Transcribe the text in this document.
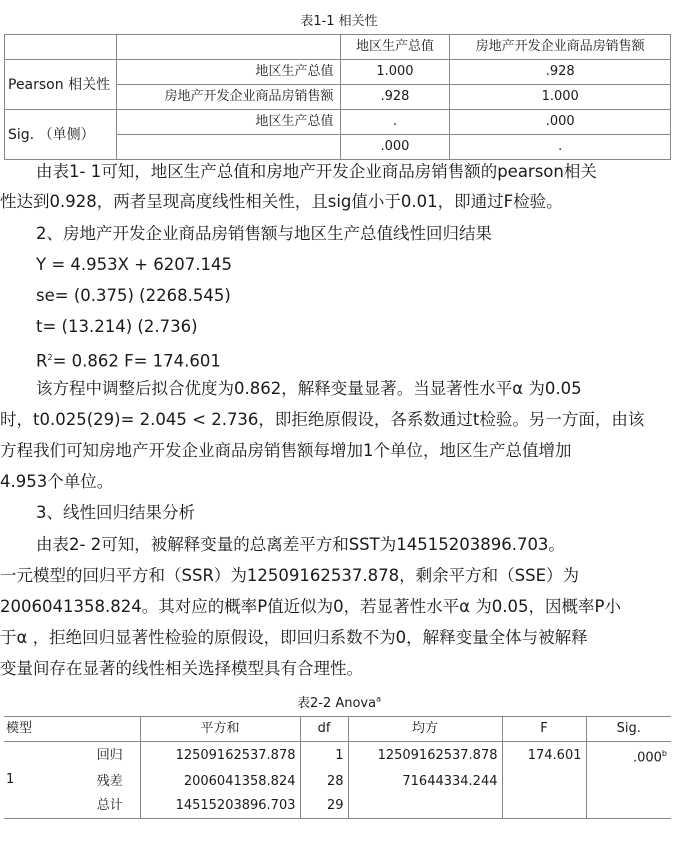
表1-1 相关性
		地区生产总值	房地产开发企业商品房销售额
Pearson 相关性	地区生产总值	1.000	.928
	房地产开发企业商品房销售额	.928	1.000
Sig. （单侧）	地区生产总值	.	.000
		.000	.
由表1- 1可知，地区生产总值和房地产开发企业商品房销售额的pearson相关
性达到0.928，两者呈现高度线性相关性，且sig值小于0.01，即通过F检验。
2、房地产开发企业商品房销售额与地区生产总值线性回归结果
Y = 4.953X + 6207.145
se= (0.375) (2268.545)
t= (13.214) (2.736)
$R^2= 0.862$ F= 174.601
该方程中调整后拟合优度为0.862，解释变量显著。当显著性水平α 为0.05
时，t0.025(29)= 2.045 < 2.736，即拒绝原假设，各系数通过t检验。另一方面，由该
方程我们可知房地产开发企业商品房销售额每增加1个单位，地区生产总值增加
4.953个单位。
3、线性回归结果分析
由表2- 2可知，被解释变量的总离差平方和SST为14515203896.703。
一元模型的回归平方和（SSR）为12509162537.878，剩余平方和（SSE）为
2006041358.824。其对应的概率P值近似为0，若显著性水平α 为0.05，因概率P小
于α ，拒绝回归显著性检验的原假设，即回归系数不为0，解释变量全体与被解释
变量间存在显著的线性相关选择模型具有合理性。
表2-2 Anova$^a$
模型		平方和	df	均方	F	Sig.
1	回归	12509162537.878	1	12509162537.878	174.601	.000$^b$
	残差	2006041358.824	28	71644334.244		
	总计	14515203896.703	29			
